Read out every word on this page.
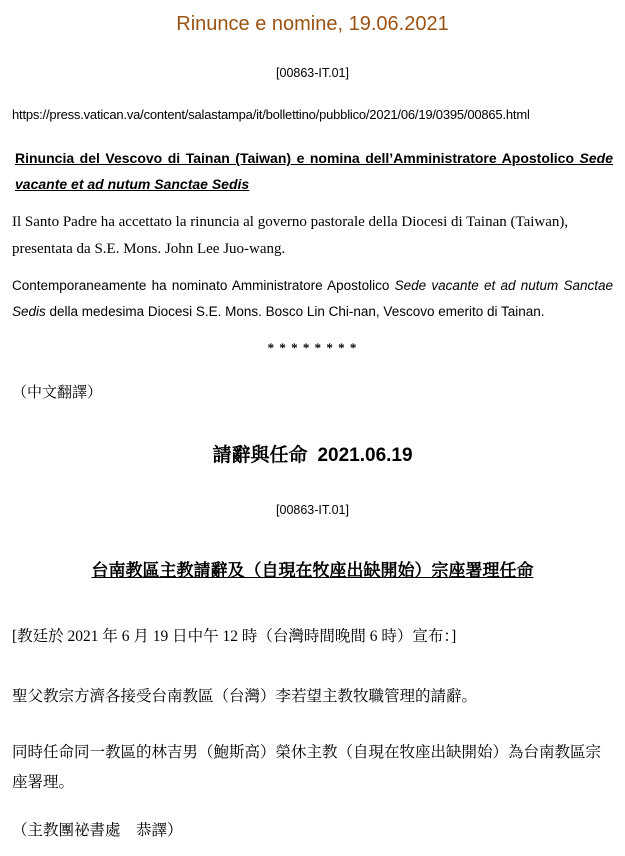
Rinunce e nomine, 19.06.2021
[00863-IT.01]
https://press.vatican.va/content/salastampa/it/bollettino/pubblico/2021/06/19/0395/00865.html
Rinuncia del Vescovo di Tainan (Taiwan) e nomina dell’Amministratore Apostolico Sede vacante et ad nutum Sanctae Sedis

Il Santo Padre ha accettato la rinuncia al governo pastorale della Diocesi di Tainan (Taiwan), presentata da S.E. Mons. John Lee Juo-wang.

Contemporaneamente ha nominato Amministratore Apostolico Sede vacante et ad nutum Sanctae Sedis della medesima Diocesi S.E. Mons. Bosco Lin Chi-nan, Vescovo emerito di Tainan.

* * * * * * * *
（中文翻譯）
請辭與任命 2021.06.19
[00863-IT.01]
台南教區主教請辭及（自現在牧座出缺開始）宗座署理任命

[教廷於 2021 年 6 月 19 日中午 12 時（台灣時間晚間 6 時）宣布：]

聖父教宗方濟各接受台南教區（台灣）李若望主教牧職管理的請辭。

同時任命同一教區的林吉男（鮑斯高）榮休主教（自現在牧座出缺開始）為台南教區宗座署理。

（主教團祕書處　恭譯）
